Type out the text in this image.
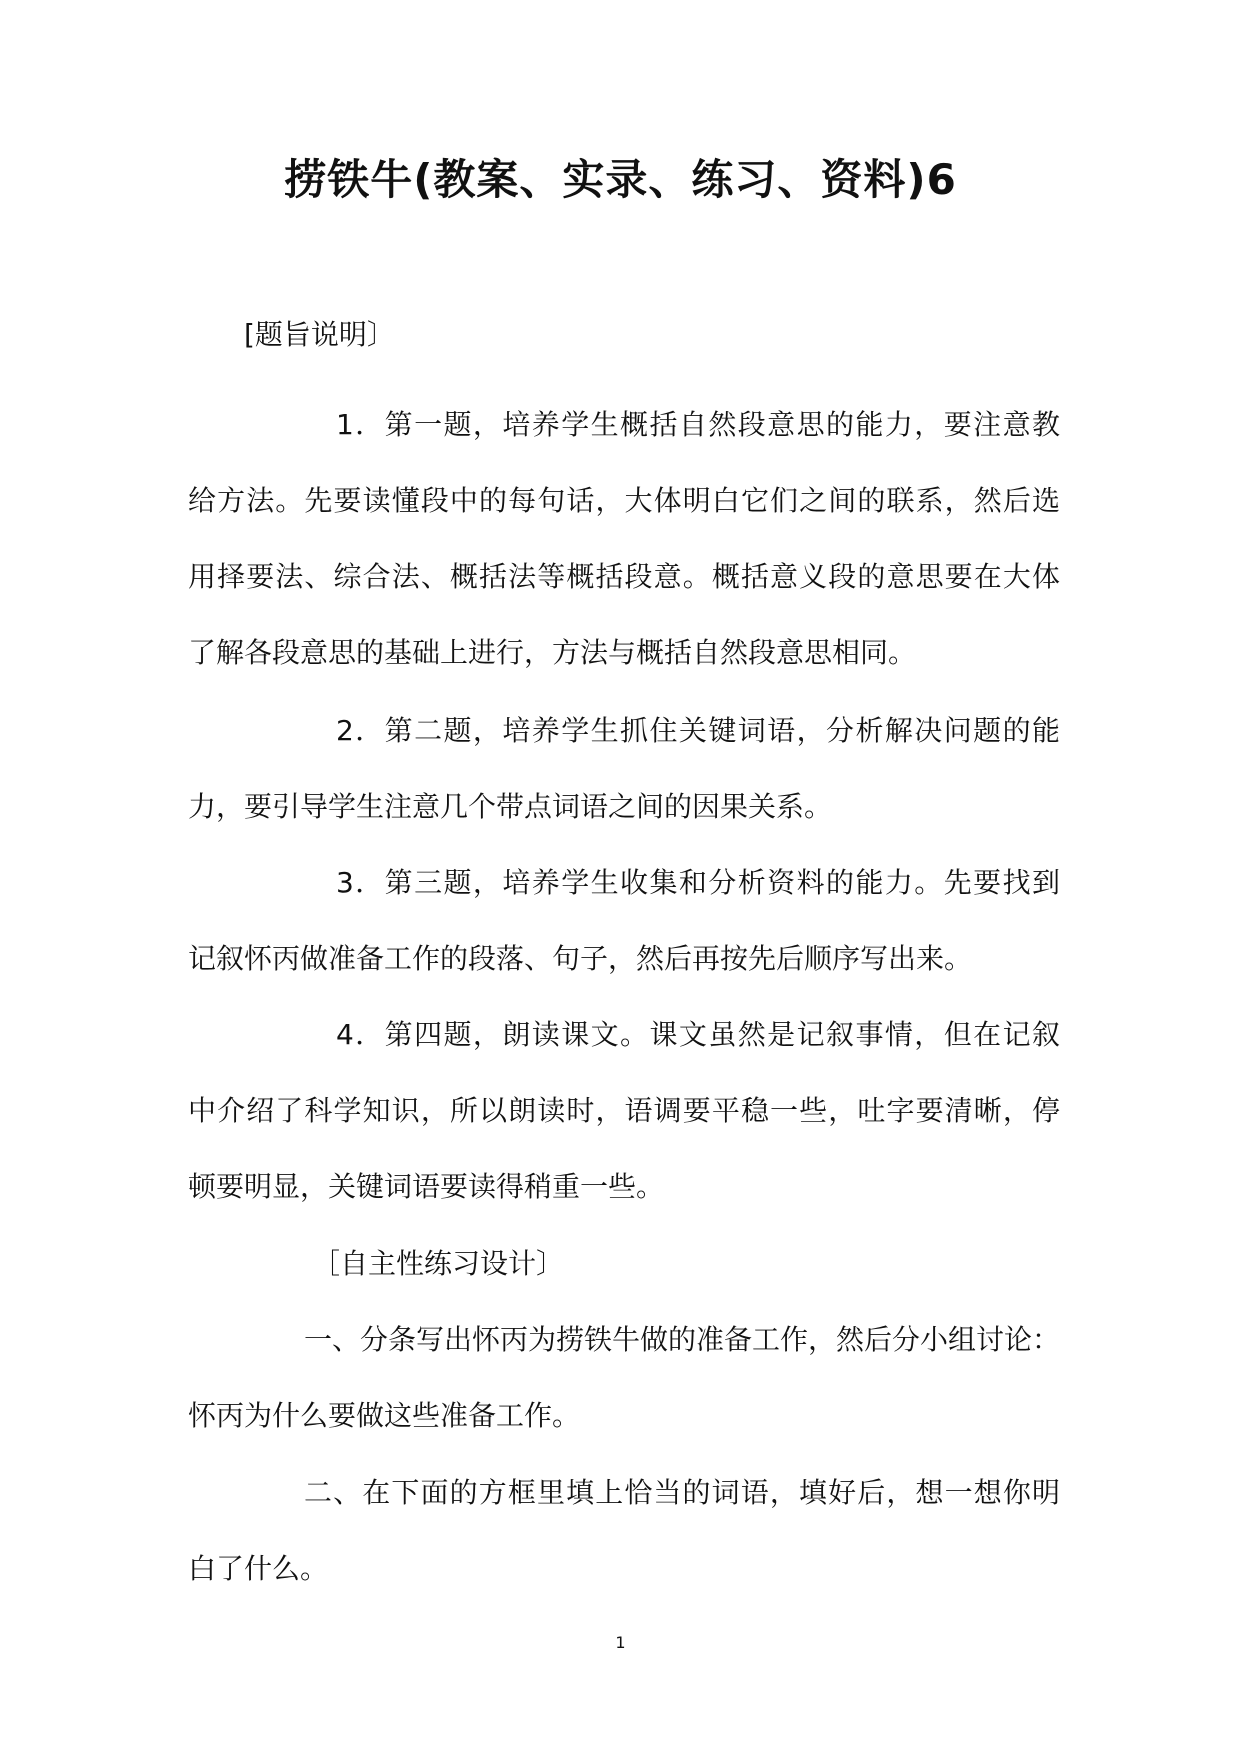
捞铁牛(教案、实录、练习、资料)6
[题旨说明〕
1．第一题，培养学生概括自然段意思的能力，要注意教
给方法。先要读懂段中的每句话，大体明白它们之间的联系，然后选
用择要法、综合法、概括法等概括段意。概括意义段的意思要在大体
了解各段意思的基础上进行，方法与概括自然段意思相同。
2．第二题，培养学生抓住关键词语，分析解决问题的能
力，要引导学生注意几个带点词语之间的因果关系。
3．第三题，培养学生收集和分析资料的能力。先要找到
记叙怀丙做准备工作的段落、句子，然后再按先后顺序写出来。
4．第四题，朗读课文。课文虽然是记叙事情，但在记叙
中介绍了科学知识，所以朗读时，语调要平稳一些，吐字要清晰，停
顿要明显，关键词语要读得稍重一些。
［自主性练习设计〕
一、分条写出怀丙为捞铁牛做的准备工作，然后分小组讨论：
怀丙为什么要做这些准备工作。
二、在下面的方框里填上恰当的词语，填好后，想一想你明
白了什么。
1
